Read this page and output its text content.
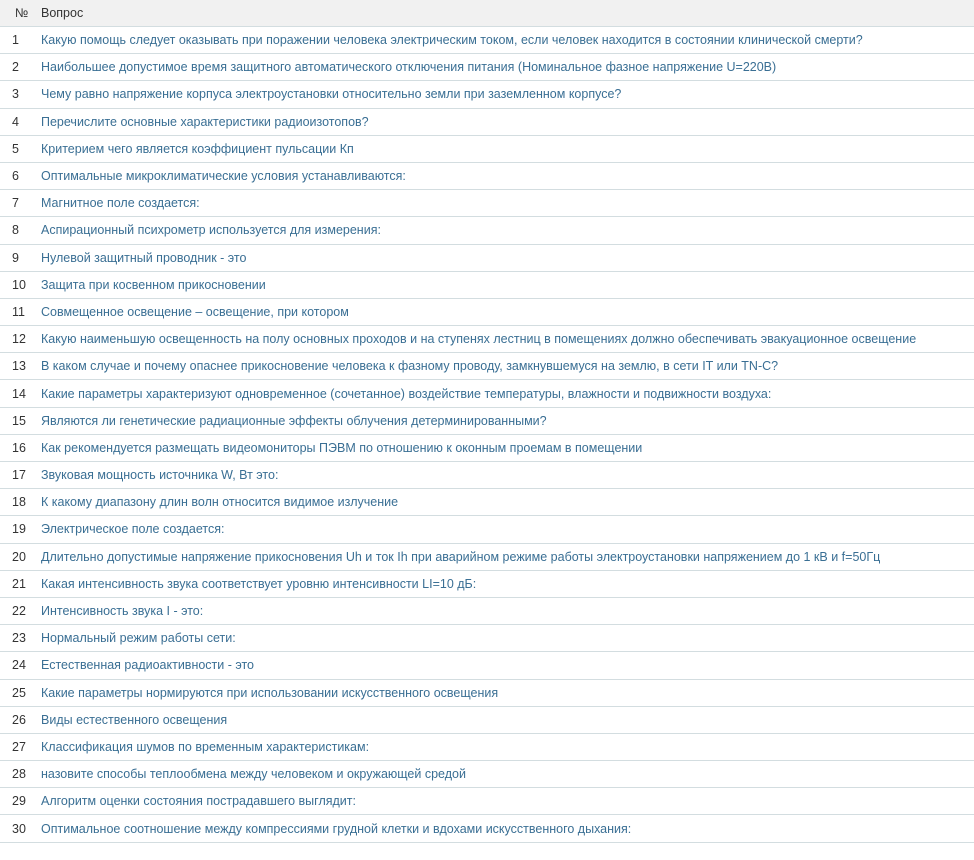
№	Вопрос
1	Какую помощь следует оказывать при поражении человека электрическим током, если человек находится в состоянии клинической смерти?
2	Наибольшее допустимое время защитного автоматического отключения питания (Номинальное фазное напряжение U=220В)
3	Чему равно напряжение корпуса электроустановки относительно земли при заземленном корпусе?
4	Перечислите основные характеристики радиоизотопов?
5	Критерием чего является коэффициент пульсации Кп
6	Оптимальные микроклиматические условия устанавливаются:
7	Магнитное поле создается:
8	Аспирационный психрометр используется для измерения:
9	Нулевой защитный проводник - это
10	Защита при косвенном прикосновении
11	Совмещенное освещение – освещение, при котором
12	Какую наименьшую освещенность на полу основных проходов и на ступенях лестниц в помещениях должно обеспечивать эвакуационное освещение
13	В каком случае и почему опаснее прикосновение человека к фазному проводу, замкнувшемуся на землю, в сети IT или TN-C?
14	Какие параметры характеризуют одновременное (сочетанное) воздействие температуры, влажности и подвижности воздуха:
15	Являются ли генетические радиационные эффекты облучения детерминированными?
16	Как рекомендуется размещать видеомониторы ПЭВМ по отношению к оконным проемам в помещении
17	Звуковая мощность источника W, Вт это:
18	К какому диапазону длин волн относится видимое излучение
19	Электрическое поле создается:
20	Длительно допустимые напряжение прикосновения Uh и ток Ih при аварийном режиме работы электроустановки напряжением до 1 кВ и f=50Гц
21	Какая интенсивность звука соответствует уровню интенсивности LI=10 дБ:
22	Интенсивность звука I - это:
23	Нормальный режим работы сети:
24	Естественная радиоактивности - это
25	Какие параметры нормируются при использовании искусственного освещения
26	Виды естественного освещения
27	Классификация шумов по временным характеристикам:
28	назовите способы теплообмена между человеком и окружающей средой
29	Алгоритм оценки состояния пострадавшего выглядит:
30	Оптимальное соотношение между компрессиями грудной клетки и вдохами искусственного дыхания:
